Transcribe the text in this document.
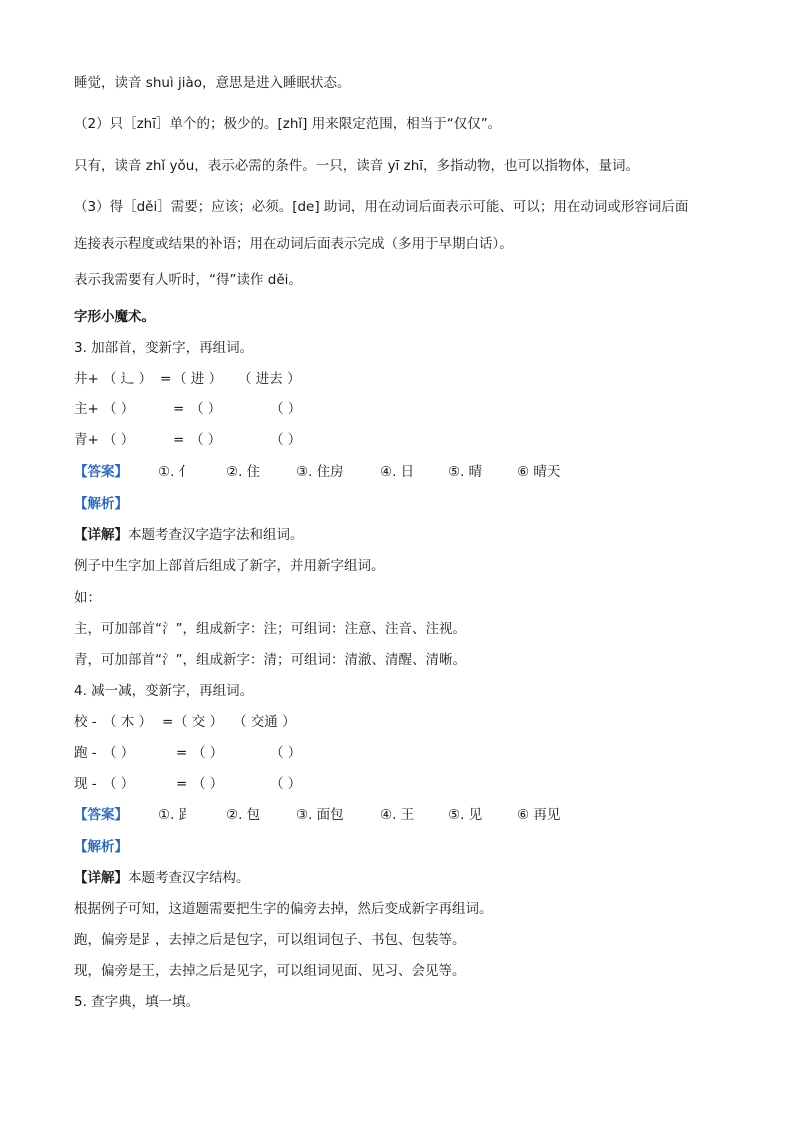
睡觉，读音 shuì jiào，意思是进入睡眠状态。
（2）只［zhī］单个的；极少的。[zhǐ] 用来限定范围，相当于“仅仅”。
只有，读音 zhǐ yǒu，表示必需的条件。一只，读音 yī zhī，多指动物，也可以指物体，量词。
（3）得［děi］需要；应该；必须。[de] 助词，用在动词后面表示可能、可以；用在动词或形容词后面
连接表示程度或结果的补语；用在动词后面表示完成（多用于早期白话）。
表示我需要有人听时，“得”读作 děi。
字形小魔术。
3. 加部首，变新字，再组词。
井+ （ 辶 ） = （ 进 ） （ 进去 ）
主+ （ ）	= （ ）	（ ）
青+ （ ）	= （ ）	（ ）
【答案】 ①. 亻	②. 住	③. 住房	④. 日	⑤. 晴	⑥ 晴天
【解析】
【详解】本题考查汉字造字法和组词。
例子中生字加上部首后组成了新字，并用新字组词。
如：
主，可加部首“氵”，组成新字：注；可组词：注意、注音、注视。
青，可加部首“氵”，组成新字：清；可组词：清澈、清醒、清晰。
4. 减一减，变新字，再组词。
校 - （ 木 ） = （ 交 ） （ 交通 ）
跑 - （ ）	= （ ）	（ ）
现 - （ ）	= （ ）	（ ）
【答案】 ①. 𧾷	②. 包	③. 面包	④. 王	⑤. 见	⑥ 再见
【解析】
【详解】本题考查汉字结构。
根据例子可知，这道题需要把生字的偏旁去掉，然后变成新字再组词。
跑，偏旁是𧾷，去掉之后是包字，可以组词包子、书包、包装等。
现，偏旁是王，去掉之后是见字，可以组词见面、见习、会见等。
5. 查字典，填一填。
